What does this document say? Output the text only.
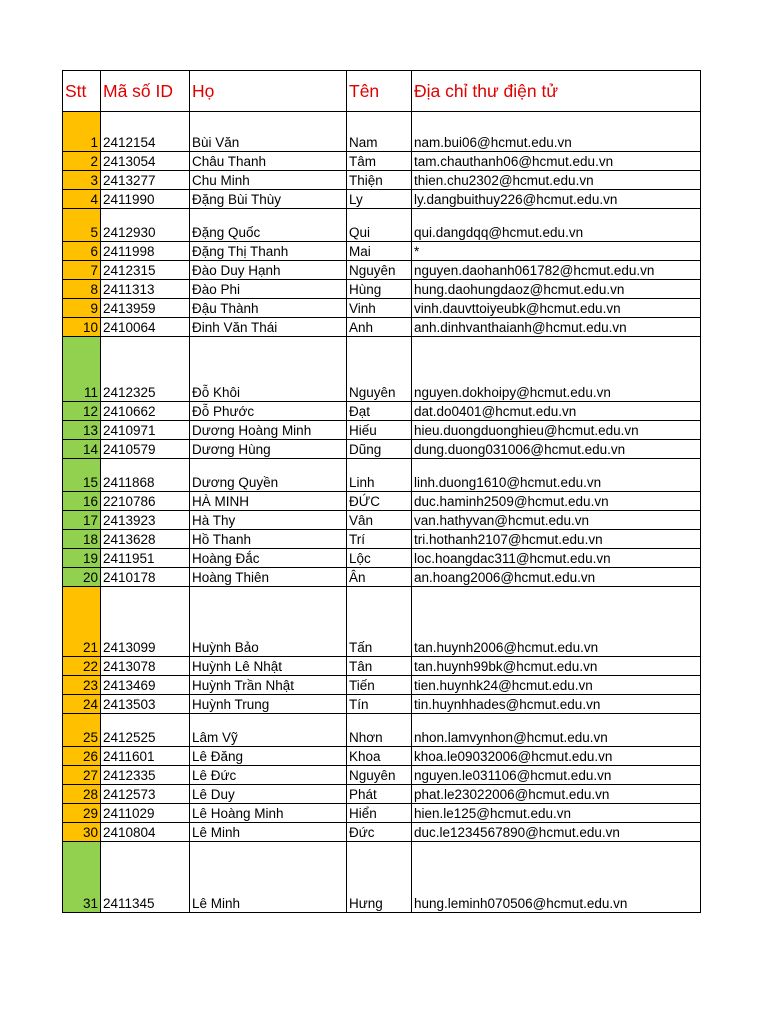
Stt	Mã số ID	Họ	Tên	Địa chỉ thư điện tử
1	2412154	Bùi Văn	Nam	nam.bui06@hcmut.edu.vn
2	2413054	Châu Thanh	Tâm	tam.chauthanh06@hcmut.edu.vn
3	2413277	Chu Minh	Thiện	thien.chu2302@hcmut.edu.vn
4	2411990	Đặng Bùi Thùy	Ly	ly.dangbuithuy226@hcmut.edu.vn
5	2412930	Đặng Quốc	Qui	qui.dangdqq@hcmut.edu.vn
6	2411998	Đặng Thị Thanh	Mai	*
7	2412315	Đào Duy Hạnh	Nguyên	nguyen.daohanh061782@hcmut.edu.vn
8	2411313	Đào Phi	Hùng	hung.daohungdaoz@hcmut.edu.vn
9	2413959	Đậu Thành	Vinh	vinh.dauvttoiyeubk@hcmut.edu.vn
10	2410064	Đinh Văn Thái	Anh	anh.dinhvanthaianh@hcmut.edu.vn
11	2412325	Đỗ Khôi	Nguyên	nguyen.dokhoipy@hcmut.edu.vn
12	2410662	Đỗ Phước	Đạt	dat.do0401@hcmut.edu.vn
13	2410971	Dương Hoàng Minh	Hiếu	hieu.duongduonghieu@hcmut.edu.vn
14	2410579	Dương Hùng	Dũng	dung.duong031006@hcmut.edu.vn
15	2411868	Dương Quyền	Linh	linh.duong1610@hcmut.edu.vn
16	2210786	HÀ MINH	ĐỨC	duc.haminh2509@hcmut.edu.vn
17	2413923	Hà Thy	Vân	van.hathyvan@hcmut.edu.vn
18	2413628	Hồ Thanh	Trí	tri.hothanh2107@hcmut.edu.vn
19	2411951	Hoàng Đắc	Lộc	loc.hoangdac311@hcmut.edu.vn
20	2410178	Hoàng Thiên	Ân	an.hoang2006@hcmut.edu.vn
21	2413099	Huỳnh Bảo	Tấn	tan.huynh2006@hcmut.edu.vn
22	2413078	Huỳnh Lê Nhật	Tân	tan.huynh99bk@hcmut.edu.vn
23	2413469	Huỳnh Trần Nhật	Tiến	tien.huynhk24@hcmut.edu.vn
24	2413503	Huỳnh Trung	Tín	tin.huynhhades@hcmut.edu.vn
25	2412525	Lâm Vỹ	Nhơn	nhon.lamvynhon@hcmut.edu.vn
26	2411601	Lê Đăng	Khoa	khoa.le09032006@hcmut.edu.vn
27	2412335	Lê Đức	Nguyên	nguyen.le031106@hcmut.edu.vn
28	2412573	Lê Duy	Phát	phat.le23022006@hcmut.edu.vn
29	2411029	Lê Hoàng Minh	Hiển	hien.le125@hcmut.edu.vn
30	2410804	Lê Minh	Đức	duc.le1234567890@hcmut.edu.vn
31	2411345	Lê Minh	Hưng	hung.leminh070506@hcmut.edu.vn
